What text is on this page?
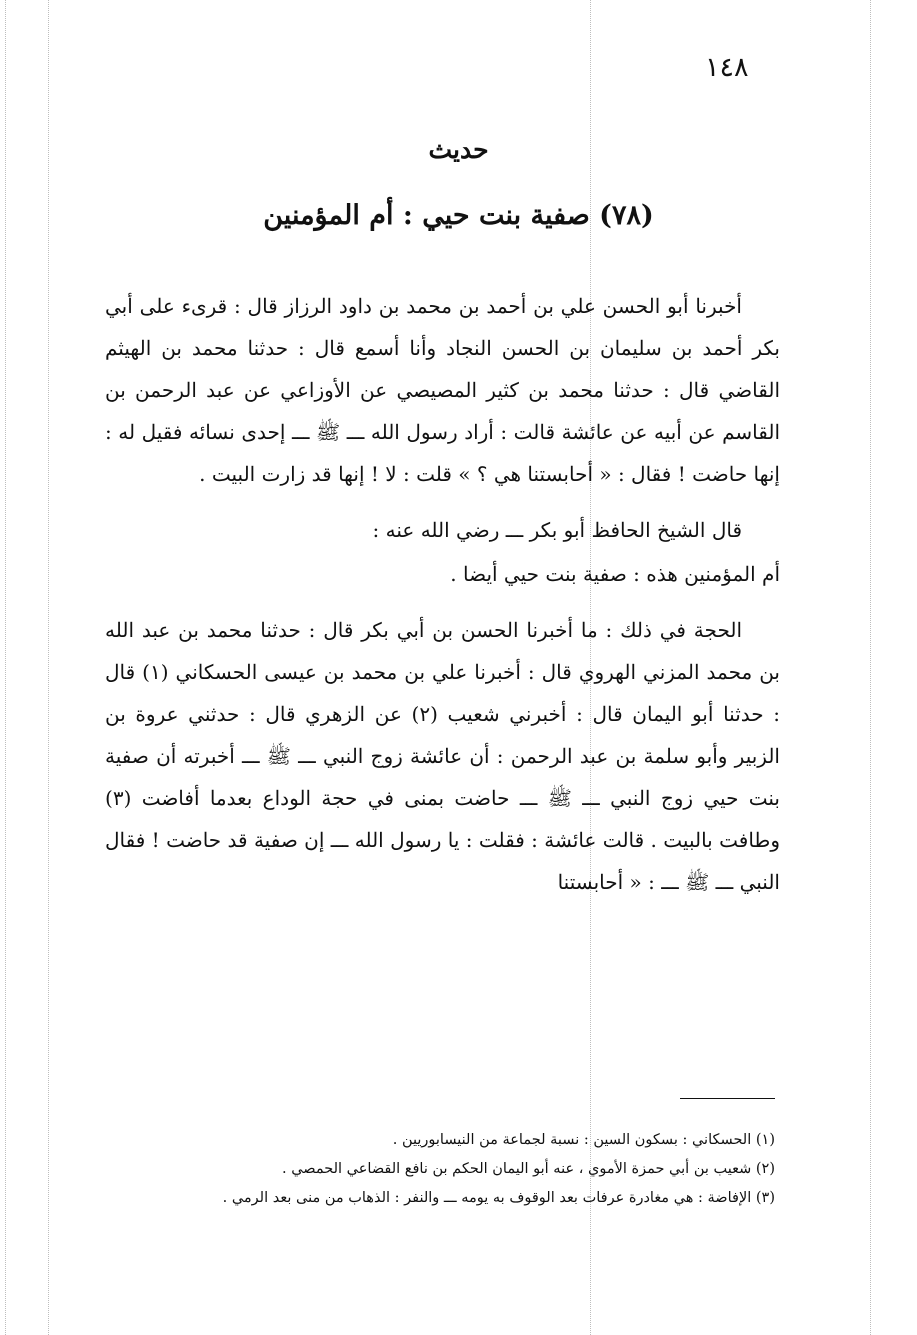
١٤٨
حديث
(٧٨) صفية بنت حيي : أم المؤمنين

أخبرنا أبو الحسن علي بن أحمد بن محمد بن داود الرزاز قال : قرىء على أبي بكر أحمد بن سليمان بن الحسن النجاد وأنا أسمع قال : حدثنا محمد بن الهيثم القاضي قال : حدثنا محمد بن كثير المصيصي عن الأوزاعي عن عبد الرحمن بن القاسم عن أبيه عن عائشة قالت : أراد رسول الله ـــ ﷺ ـــ إحدى نسائه فقيل له : إنها حاضت ! فقال : « أحابستنا هي ؟ » قلت : لا ! إنها قد زارت البيت .

قال الشيخ الحافظ أبو بكر ـــ رضي الله عنه :

أم المؤمنين هذه : صفية بنت حيي أيضا .

الحجة في ذلك : ما أخبرنا الحسن بن أبي بكر قال : حدثنا محمد بن عبد الله بن محمد المزني الهروي قال : أخبرنا علي بن محمد بن عيسى الحسكاني (١) قال : حدثنا أبو اليمان قال : أخبرني شعيب (٢) عن الزهري قال : حدثني عروة بن الزبير وأبو سلمة بن عبد الرحمن : أن عائشة زوج النبي ـــ ﷺ ـــ أخبرته أن صفية بنت حيي زوج النبي ـــ ﷺ ـــ حاضت بمنى في حجة الوداع بعدما أفاضت (٣) وطافت بالبيت . قالت عائشة : فقلت : يا رسول الله ـــ إن صفية قد حاضت ! فقال النبي ـــ ﷺ ـــ : « أحابستنا

(١) الحسكاني : بسكون السين : نسبة لجماعة من النيسابوريين .
(٢) شعيب بن أبي حمزة الأموي ، عنه أبو اليمان الحكم بن نافع القضاعي الحمصي .
(٣) الإفاضة : هي مغادرة عرفات بعد الوقوف به يومه ـــ والنفر : الذهاب من منى بعد الرمي .
